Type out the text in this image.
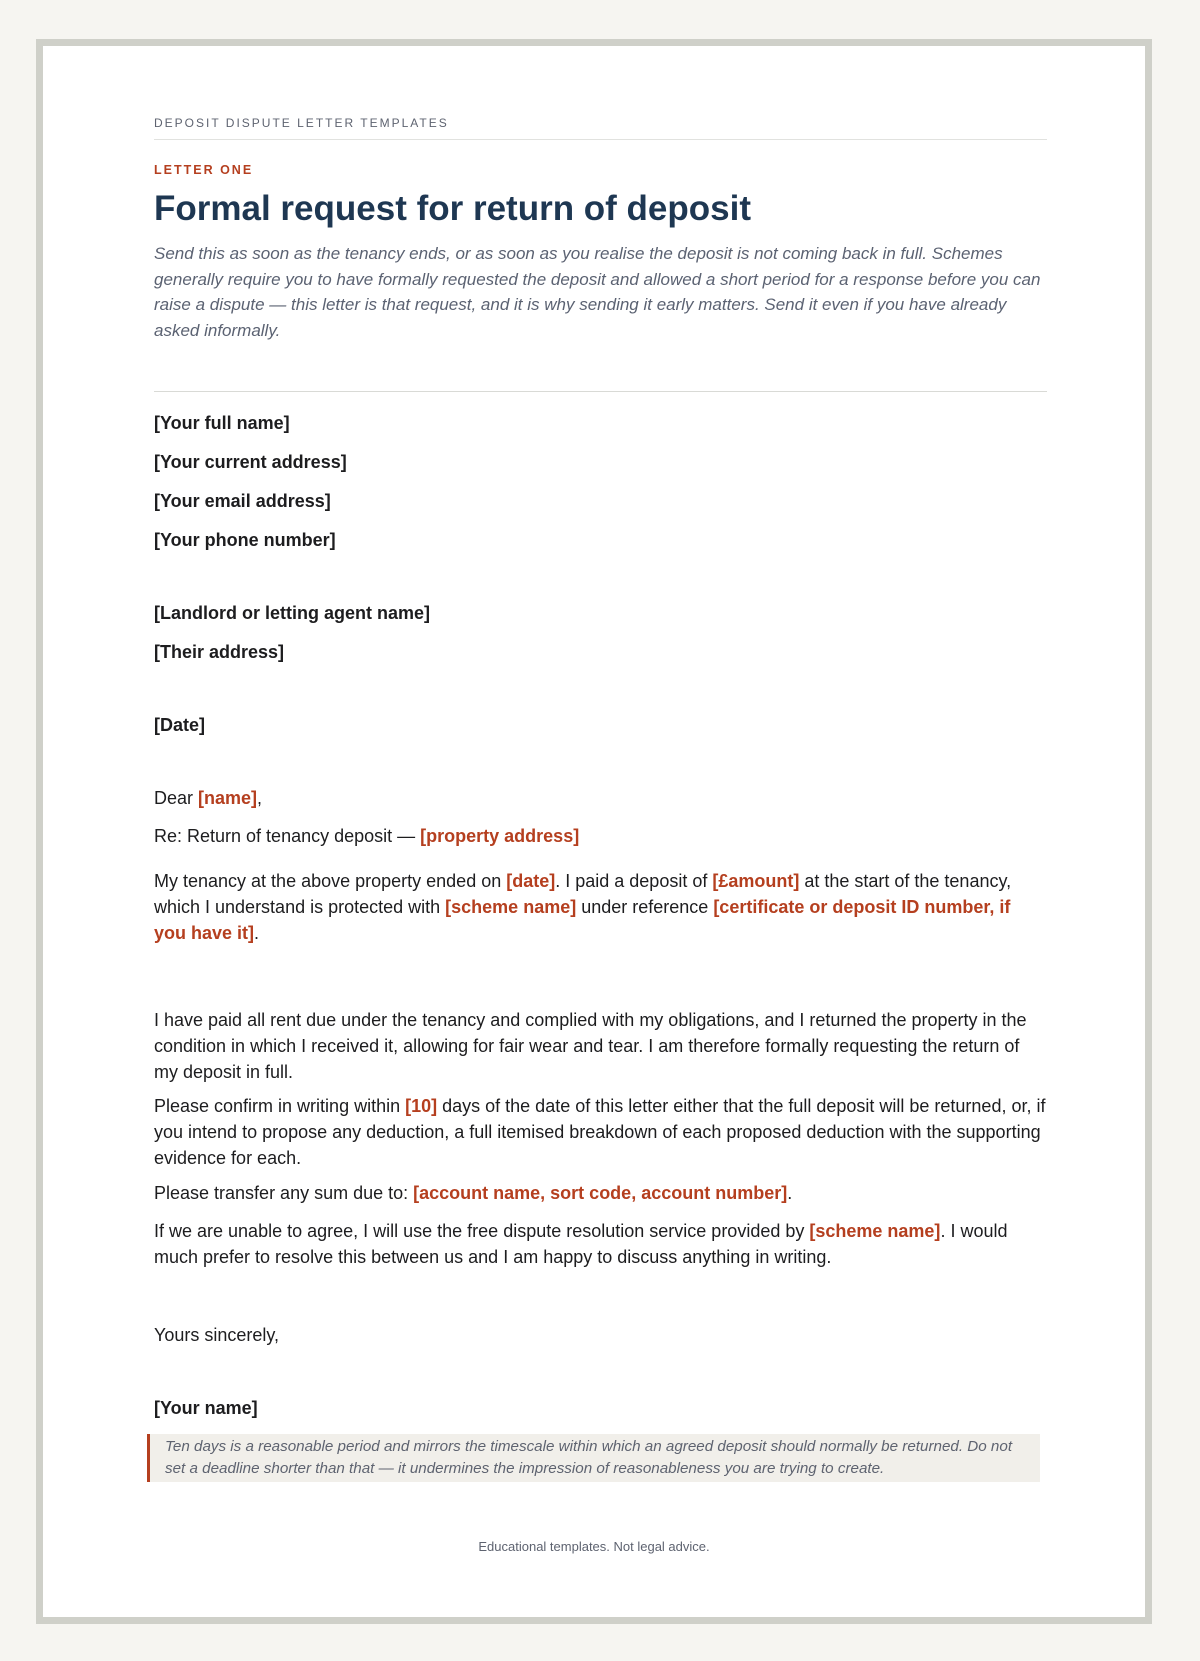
DEPOSIT DISPUTE LETTER TEMPLATES
LETTER ONE
Formal request for return of deposit
Send this as soon as the tenancy ends, or as soon as you realise the deposit is not coming back in full. Schemes generally require you to have formally requested the deposit and allowed a short period for a response before you can raise a dispute — this letter is that request, and it is why sending it early matters. Send it even if you have already asked informally.
[Your full name]
[Your current address]
[Your email address]
[Your phone number]
[Landlord or letting agent name]
[Their address]
[Date]
Dear [name],
Re: Return of tenancy deposit — [property address]
My tenancy at the above property ended on [date]. I paid a deposit of [£amount] at the start of the tenancy, which I understand is protected with [scheme name] under reference [certificate or deposit ID number, if you have it].
I have paid all rent due under the tenancy and complied with my obligations, and I returned the property in the condition in which I received it, allowing for fair wear and tear. I am therefore formally requesting the return of my deposit in full.
Please confirm in writing within [10] days of the date of this letter either that the full deposit will be returned, or, if you intend to propose any deduction, a full itemised breakdown of each proposed deduction with the supporting evidence for each.
Please transfer any sum due to: [account name, sort code, account number].
If we are unable to agree, I will use the free dispute resolution service provided by [scheme name]. I would much prefer to resolve this between us and I am happy to discuss anything in writing.
Yours sincerely,
[Your name]
Ten days is a reasonable period and mirrors the timescale within which an agreed deposit should normally be returned. Do not set a deadline shorter than that — it undermines the impression of reasonableness you are trying to create.
Educational templates. Not legal advice.
